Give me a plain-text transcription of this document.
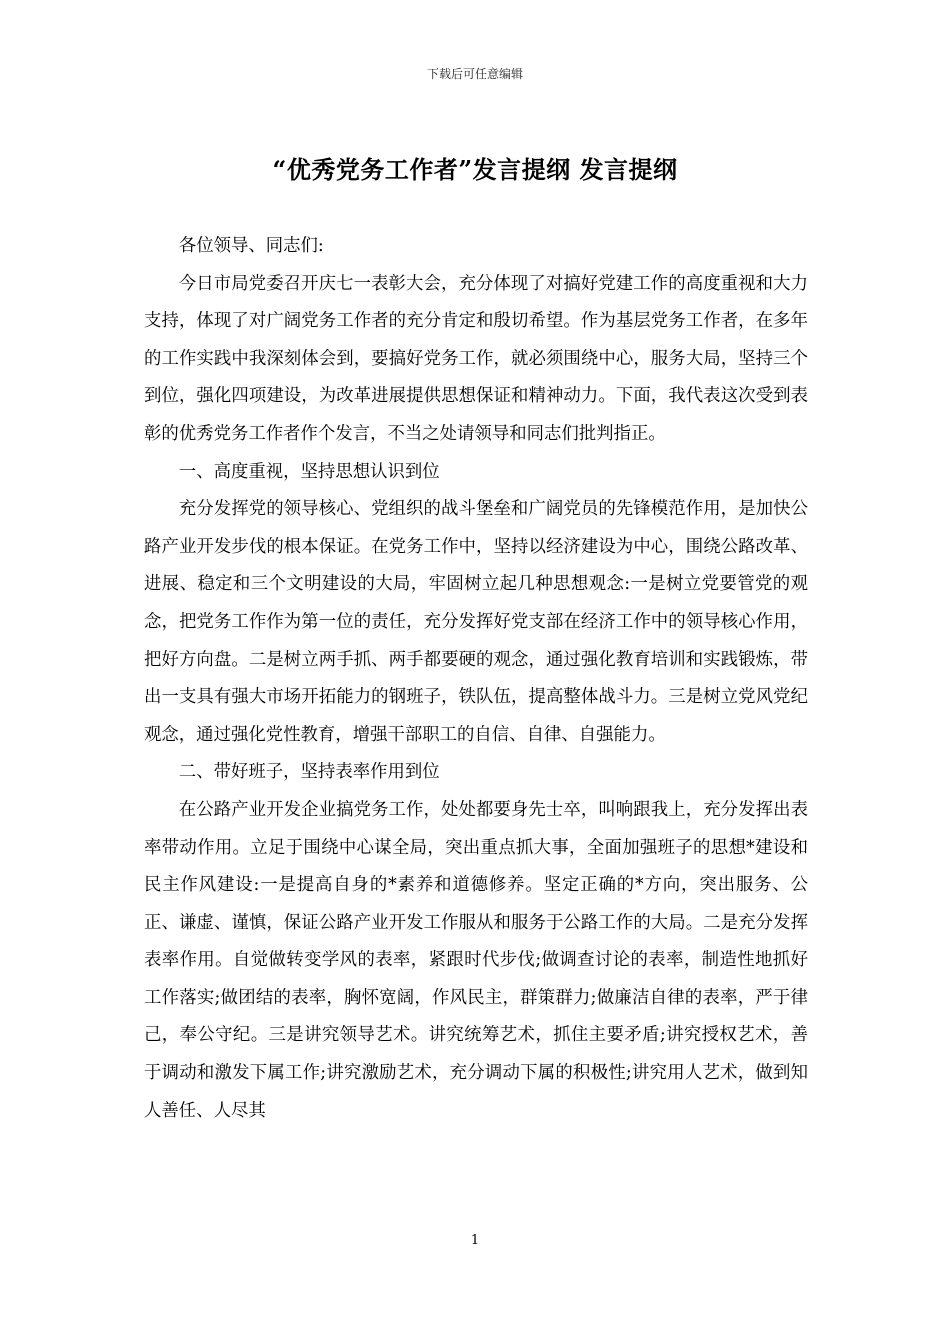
下载后可任意编辑
“优秀党务工作者”发言提纲 发言提纲

各位领导、同志们:

今日市局党委召开庆七一表彰大会，充分体现了对搞好党建工作的高度重视和大力支持，体现了对广阔党务工作者的充分肯定和殷切希望。作为基层党务工作者，在多年的工作实践中我深刻体会到，要搞好党务工作，就必须围绕中心，服务大局，坚持三个到位，强化四项建设，为改革进展提供思想保证和精神动力。下面，我代表这次受到表彰的优秀党务工作者作个发言，不当之处请领导和同志们批判指正。

一、高度重视，坚持思想认识到位

充分发挥党的领导核心、党组织的战斗堡垒和广阔党员的先锋模范作用，是加快公路产业开发步伐的根本保证。在党务工作中，坚持以经济建设为中心，围绕公路改革、进展、稳定和三个文明建设的大局，牢固树立起几种思想观念:一是树立党要管党的观念，把党务工作作为第一位的责任，充分发挥好党支部在经济工作中的领导核心作用，把好方向盘。二是树立两手抓、两手都要硬的观念，通过强化教育培训和实践锻炼，带出一支具有强大市场开拓能力的钢班子，铁队伍，提高整体战斗力。三是树立党风党纪观念，通过强化党性教育，增强干部职工的自信、自律、自强能力。

二、带好班子，坚持表率作用到位

在公路产业开发企业搞党务工作，处处都要身先士卒，叫响跟我上，充分发挥出表率带动作用。立足于围绕中心谋全局，突出重点抓大事，全面加强班子的思想*建设和民主作风建设:一是提高自身的*素养和道德修养。坚定正确的*方向，突出服务、公正、谦虚、谨慎，保证公路产业开发工作服从和服务于公路工作的大局。二是充分发挥表率作用。自觉做转变学风的表率，紧跟时代步伐;做调查讨论的表率，制造性地抓好工作落实;做团结的表率，胸怀宽阔，作风民主，群策群力;做廉洁自律的表率，严于律己，奉公守纪。三是讲究领导艺术。讲究统筹艺术，抓住主要矛盾;讲究授权艺术，善于调动和激发下属工作;讲究激励艺术，充分调动下属的积极性;讲究用人艺术，做到知人善任、人尽其

1
